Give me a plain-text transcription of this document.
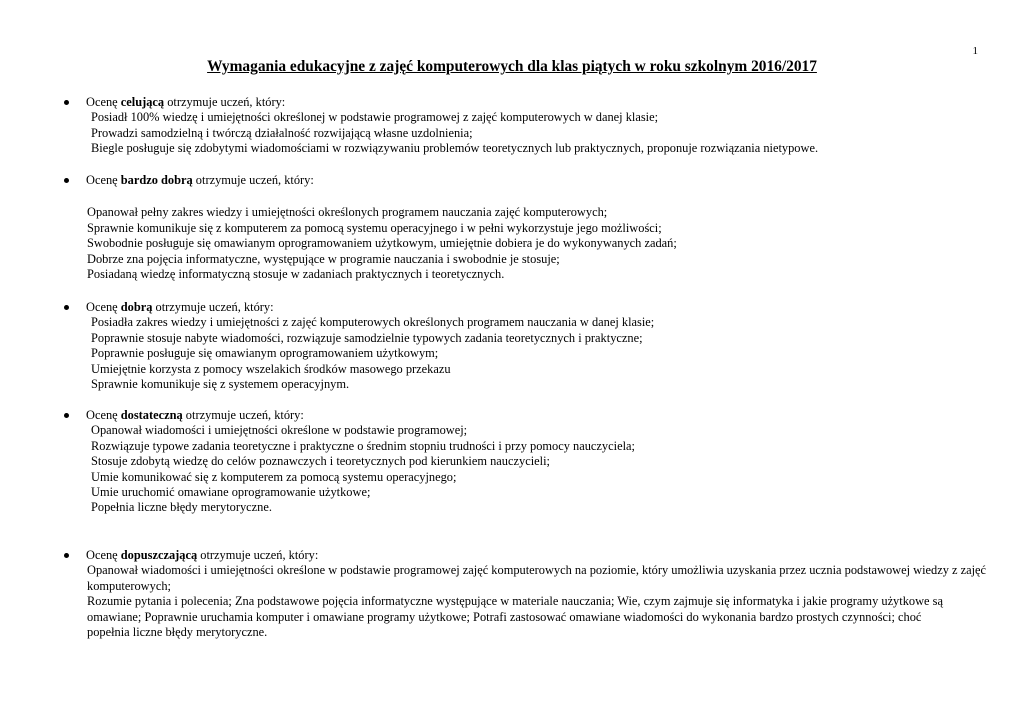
1
Wymagania edukacyjne z zajęć komputerowych dla klas piątych w roku szkolnym 2016/2017
Ocenę celującą otrzymuje uczeń, który:
Posiadł 100% wiedzę i umiejętności określonej w podstawie programowej z zajęć komputerowych w danej klasie;
Prowadzi samodzielną i twórczą działalność rozwijającą własne uzdolnienia;
Biegle posługuje się zdobytymi wiadomościami w rozwiązywaniu problemów teoretycznych lub praktycznych, proponuje rozwiązania nietypowe.
Ocenę bardzo dobrą otrzymuje uczeń, który:
Opanował pełny zakres wiedzy i umiejętności określonych programem nauczania zajęć komputerowych;
Sprawnie komunikuje się z komputerem za pomocą systemu operacyjnego i w pełni wykorzystuje jego możliwości;
Swobodnie posługuje się omawianym oprogramowaniem użytkowym, umiejętnie dobiera je do wykonywanych zadań;
Dobrze zna pojęcia informatyczne, występujące w programie nauczania i swobodnie je stosuje;
Posiadaną wiedzę informatyczną stosuje w zadaniach praktycznych i teoretycznych.
Ocenę dobrą otrzymuje uczeń, który:
Posiadła zakres wiedzy i umiejętności z zajęć komputerowych określonych programem nauczania w danej klasie;
Poprawnie stosuje nabyte wiadomości, rozwiązuje samodzielnie typowych zadania teoretycznych i praktyczne;
Poprawnie posługuje się omawianym oprogramowaniem użytkowym;
Umiejętnie korzysta z pomocy wszelakich środków masowego przekazu
Sprawnie komunikuje się z systemem operacyjnym.
Ocenę dostateczną otrzymuje uczeń, który:
Opanował wiadomości i umiejętności określone w podstawie programowej;
Rozwiązuje typowe zadania teoretyczne i praktyczne o średnim stopniu trudności i przy pomocy nauczyciela;
Stosuje zdobytą wiedzę do celów poznawczych i teoretycznych pod kierunkiem nauczycieli;
Umie komunikować się z komputerem za pomocą systemu operacyjnego;
Umie uruchomić omawiane oprogramowanie użytkowe;
Popełnia liczne błędy merytoryczne.
Ocenę dopuszczającą otrzymuje uczeń, który:
Opanował wiadomości i umiejętności określone w podstawie programowej zajęć komputerowych na poziomie, który umożliwia uzyskania przez ucznia podstawowej wiedzy z zajęć komputerowych;
Rozumie pytania i polecenia; Zna podstawowe pojęcia informatyczne występujące w materiale nauczania; Wie, czym zajmuje się informatyka i jakie programy użytkowe są omawiane; Poprawnie uruchamia komputer i omawiane programy użytkowe; Potrafi zastosować omawiane wiadomości do wykonania bardzo prostych czynności; choć popełnia liczne błędy merytoryczne.
